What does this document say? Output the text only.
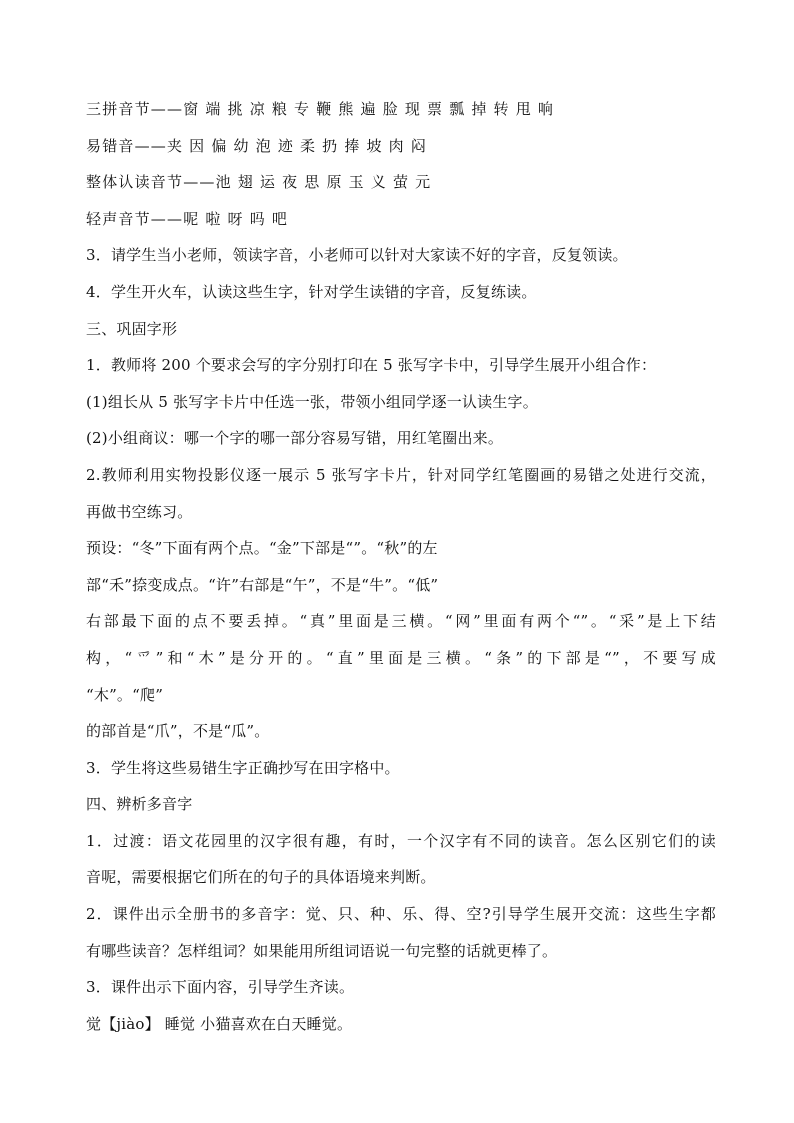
三拼音节——窗 端 挑 凉 粮 专 鞭 熊 遍 脸 现 票 瓢 掉 转 甩 响
易错音——夹 因 偏 幼 泡 迹 柔 扔 捧 坡 肉 闷
整体认读音节——池 翅 运 夜 思 原 玉 义 萤 元
轻声音节——呢 啦 呀 吗 吧
3．请学生当小老师，领读字音，小老师可以针对大家读不好的字音，反复领读。
4．学生开火车，认读这些生字，针对学生读错的字音，反复练读。
三、巩固字形
1．教师将 200 个要求会写的字分别打印在 5 张写字卡中，引导学生展开小组合作：
(1)组长从 5 张写字卡片中任选一张，带领小组同学逐一认读生字。
(2)小组商议：哪一个字的哪一部分容易写错，用红笔圈出来。
2.教师利用实物投影仪逐一展示 5 张写字卡片，针对同学红笔圈画的易错之处进行交流，
再做书空练习。
预设：“冬”下面有两个点。“金”下部是“”。“秋”的左
部“禾”捺变成点。“许”右部是“午”，不是“牛”。“低”
右部最下面的点不要丢掉。“真”里面是三横。“网”里面有两个“”。“采”是上下结
构，“爫”和“木”是分开的。“直”里面是三横。“条”的下部是“”，不要写成
“木”。“爬”
的部首是“爪”，不是“瓜”。
3．学生将这些易错生字正确抄写在田字格中。
四、辨析多音字
1．过渡：语文花园里的汉字很有趣，有时，一个汉字有不同的读音。怎么区别它们的读
音呢，需要根据它们所在的句子的具体语境来判断。
2．课件出示全册书的多音字：觉、只、种、乐、得、空?引导学生展开交流：这些生字都
有哪些读音？怎样组词？如果能用所组词语说一句完整的话就更棒了。
3．课件出示下面内容，引导学生齐读。
觉【jiào】 睡觉 小猫喜欢在白天睡觉。
